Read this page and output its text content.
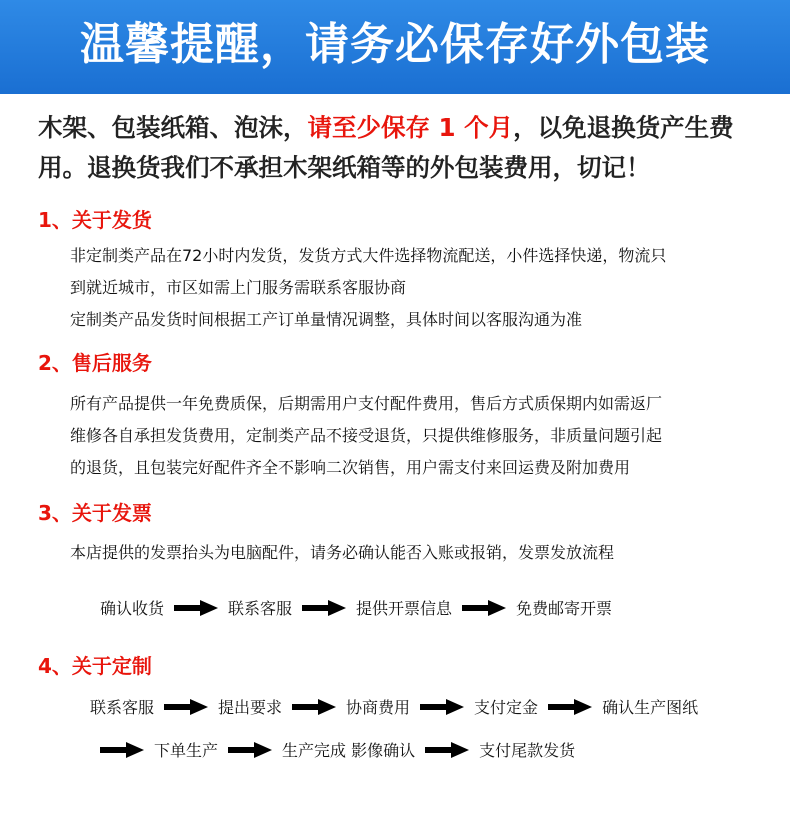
温馨提醒，请务必保存好外包装
木架、包装纸箱、泡沫，请至少保存 1 个月，以免退换货产生费用。退换货我们不承担木架纸箱等的外包装费用，切记！
1、关于发货
非定制类产品在72小时内发货，发货方式大件选择物流配送，小件选择快递，物流只
到就近城市，市区如需上门服务需联系客服协商
定制类产品发货时间根据工产订单量情况调整，具体时间以客服沟通为准
2、售后服务
所有产品提供一年免费质保，后期需用户支付配件费用，售后方式质保期内如需返厂
维修各自承担发货费用，定制类产品不接受退货，只提供维修服务，非质量问题引起
的退货，且包装完好配件齐全不影响二次销售，用户需支付来回运费及附加费用
3、关于发票
本店提供的发票抬头为电脑配件，请务必确认能否入账或报销，发票发放流程
确认收货	联系客服	提供开票信息	免费邮寄开票
4、关于定制
联系客服	提出要求	协商费用	支付定金	确认生产图纸
下单生产	生产完成 影像确认	支付尾款发货
